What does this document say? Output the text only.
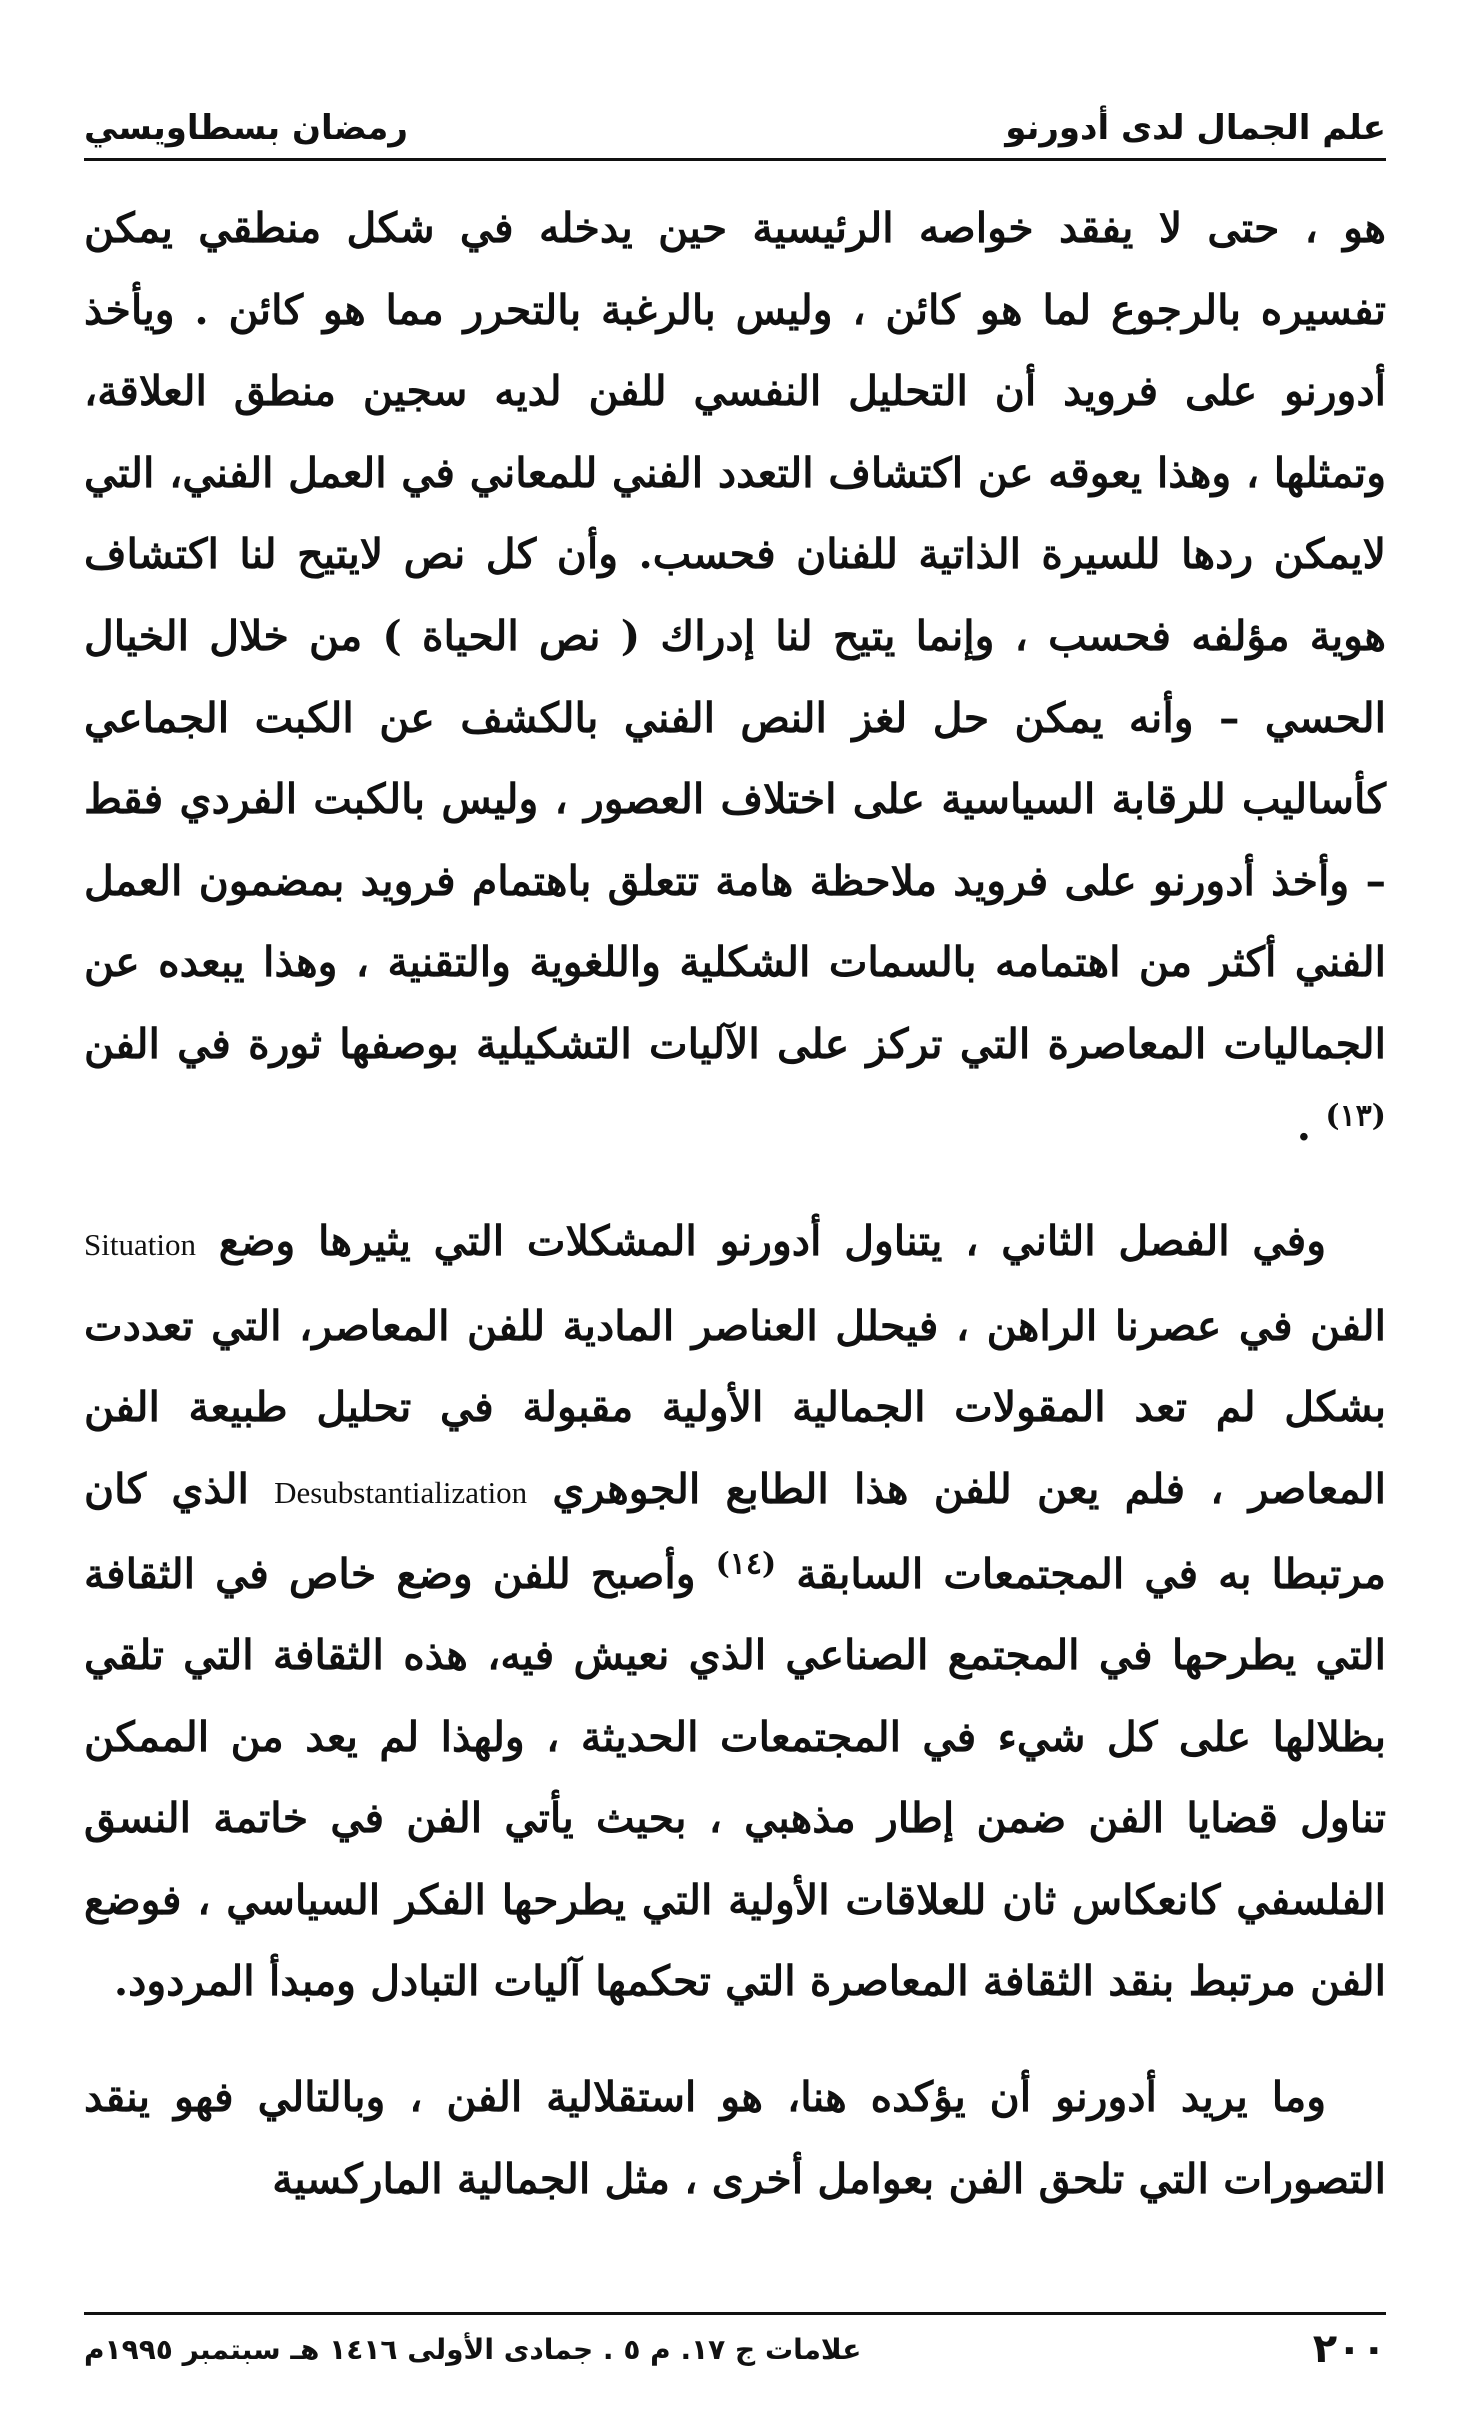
علم الجمال لدى أدورنو
رمضان بسطاويسي

هو ، حتى لا يفقد خواصه الرئيسية حين يدخله في شكل منطقي يمكن تفسيره بالرجوع لما هو كائن ، وليس بالرغبة بالتحرر مما هو كائن . ويأخذ أدورنو على فرويد أن التحليل النفسي للفن لديه سجين منطق العلاقة، وتمثلها ، وهذا يعوقه عن اكتشاف التعدد الفني للمعاني في العمل الفني، التي لايمكن ردها للسيرة الذاتية للفنان فحسب. وأن كل نص لايتيح لنا اكتشاف هوية مؤلفه فحسب ، وإنما يتيح لنا إدراك ( نص الحياة ) من خلال الخيال الحسي – وأنه يمكن حل لغز النص الفني بالكشف عن الكبت الجماعي كأساليب للرقابة السياسية على اختلاف العصور ، وليس بالكبت الفردي فقط – وأخذ أدورنو على فرويد ملاحظة هامة تتعلق باهتمام فرويد بمضمون العمل الفني أكثر من اهتمامه بالسمات الشكلية واللغوية والتقنية ، وهذا يبعده عن الجماليات المعاصرة التي تركز على الآليات التشكيلية بوصفها ثورة في الفن $^{(١٣)}$ .

وفي الفصل الثاني ، يتناول أدورنو المشكلات التي يثيرها وضع Situation الفن في عصرنا الراهن ، فيحلل العناصر المادية للفن المعاصر، التي تعددت بشكل لم تعد المقولات الجمالية الأولية مقبولة في تحليل طبيعة الفن المعاصر ، فلم يعن للفن هذا الطابع الجوهري Desubstantialization الذي كان مرتبطا به في المجتمعات السابقة $^{(١٤)}$ وأصبح للفن وضع خاص في الثقافة التي يطرحها في المجتمع الصناعي الذي نعيش فيه، هذه الثقافة التي تلقي بظلالها على كل شيء في المجتمعات الحديثة ، ولهذا لم يعد من الممكن تناول قضايا الفن ضمن إطار مذهبي ، بحيث يأتي الفن في خاتمة النسق الفلسفي كانعكاس ثان للعلاقات الأولية التي يطرحها الفكر السياسي ، فوضع الفن مرتبط بنقد الثقافة المعاصرة التي تحكمها آليات التبادل ومبدأ المردود.

وما يريد أدورنو أن يؤكده هنا، هو استقلالية الفن ، وبالتالي فهو ينقد التصورات التي تلحق الفن بعوامل أخرى ، مثل الجمالية الماركسية

٢٠٠
علامات ج ١٧. م ٥ . جمادى الأولى ١٤١٦ هـ سبتمبر ١٩٩٥م
